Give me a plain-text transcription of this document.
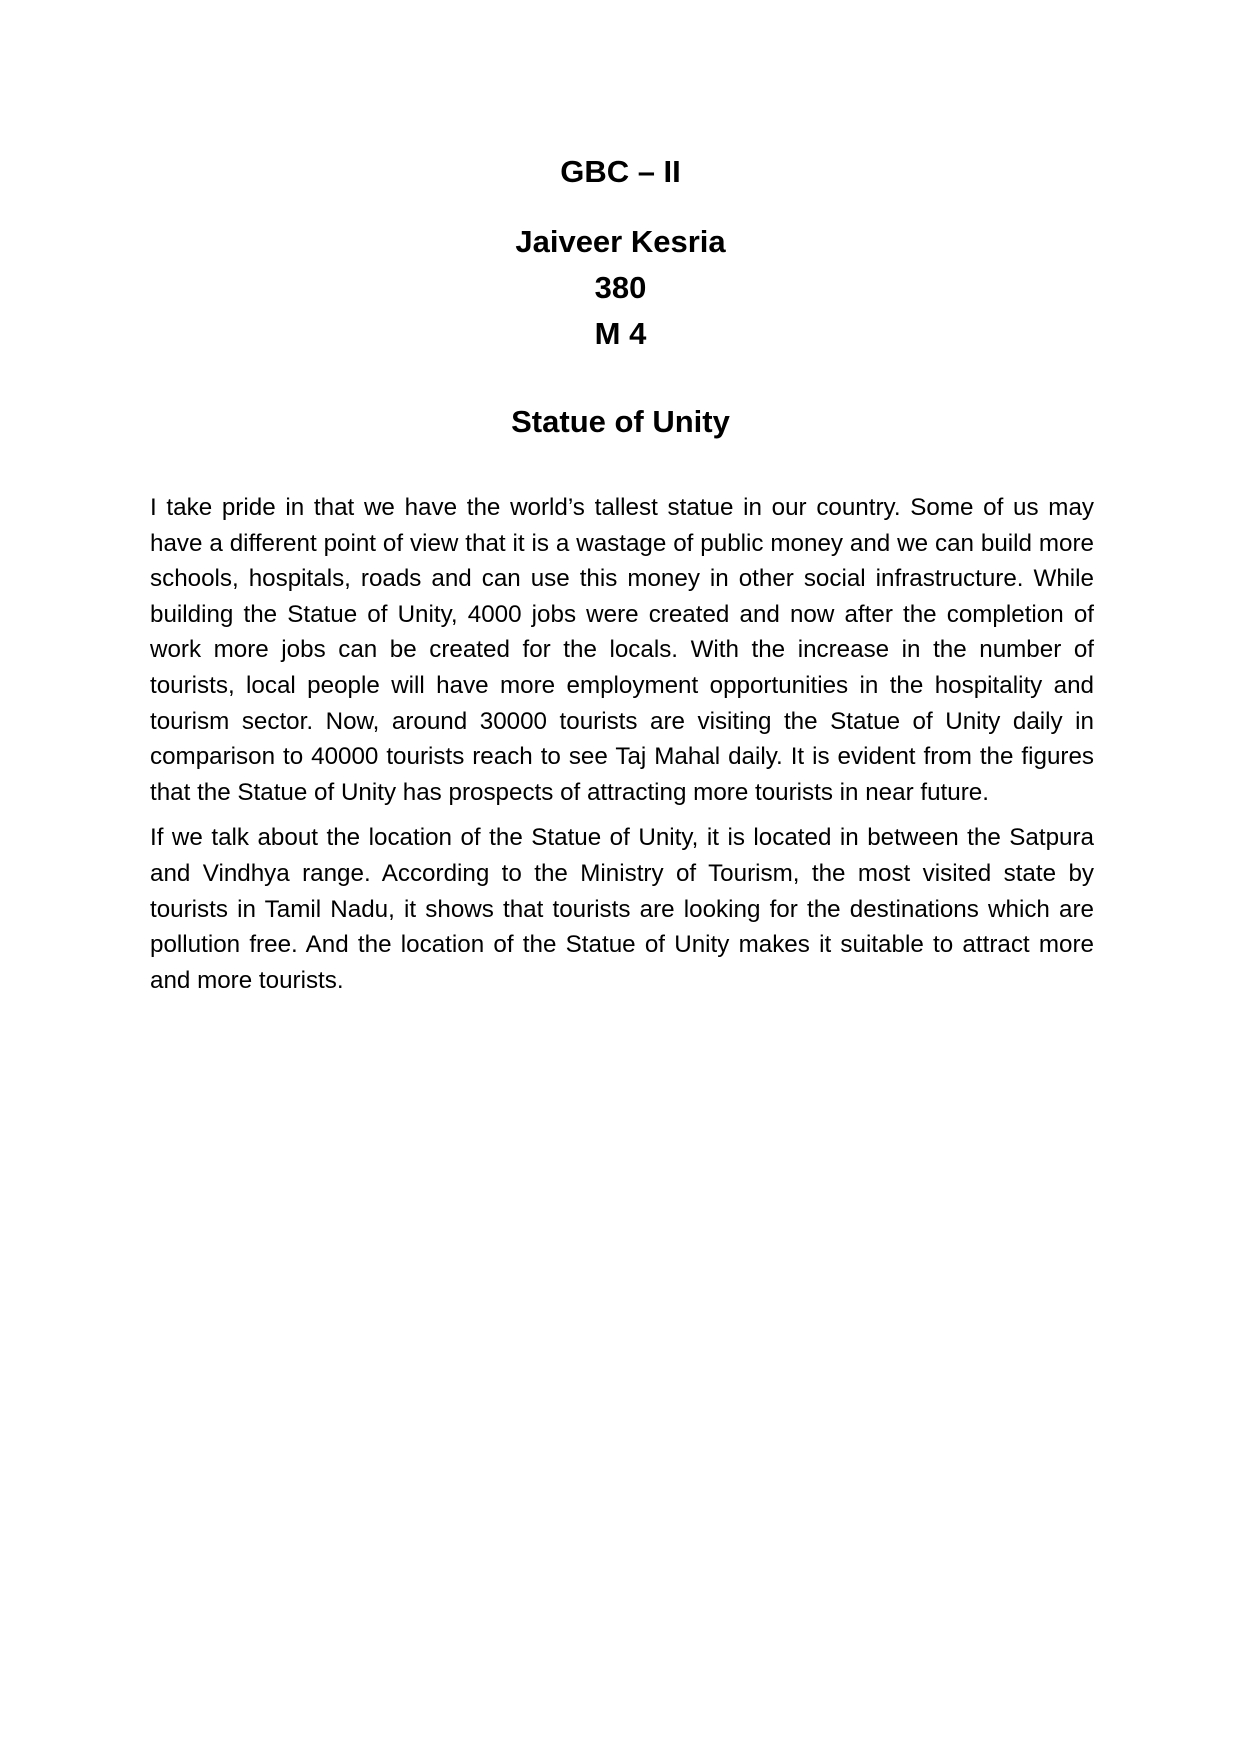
GBC – II
Jaiveer Kesria
380
M 4
Statue of Unity

I take pride in that we have the world’s tallest statue in our country. Some of us may have a different point of view that it is a wastage of public money and we can build more schools, hospitals, roads and can use this money in other social infrastructure. While building the Statue of Unity, 4000 jobs were created and now after the completion of work more jobs can be created for the locals. With the increase in the number of tourists, local people will have more employment opportunities in the hospitality and tourism sector. Now, around 30000 tourists are visiting the Statue of Unity daily in comparison to 40000 tourists reach to see Taj Mahal daily. It is evident from the figures that the Statue of Unity has prospects of attracting more tourists in near future.

If we talk about the location of the Statue of Unity, it is located in between the Satpura and Vindhya range. According to the Ministry of Tourism, the most visited state by tourists in Tamil Nadu, it shows that tourists are looking for the destinations which are pollution free. And the location of the Statue of Unity makes it suitable to attract more and more tourists.
